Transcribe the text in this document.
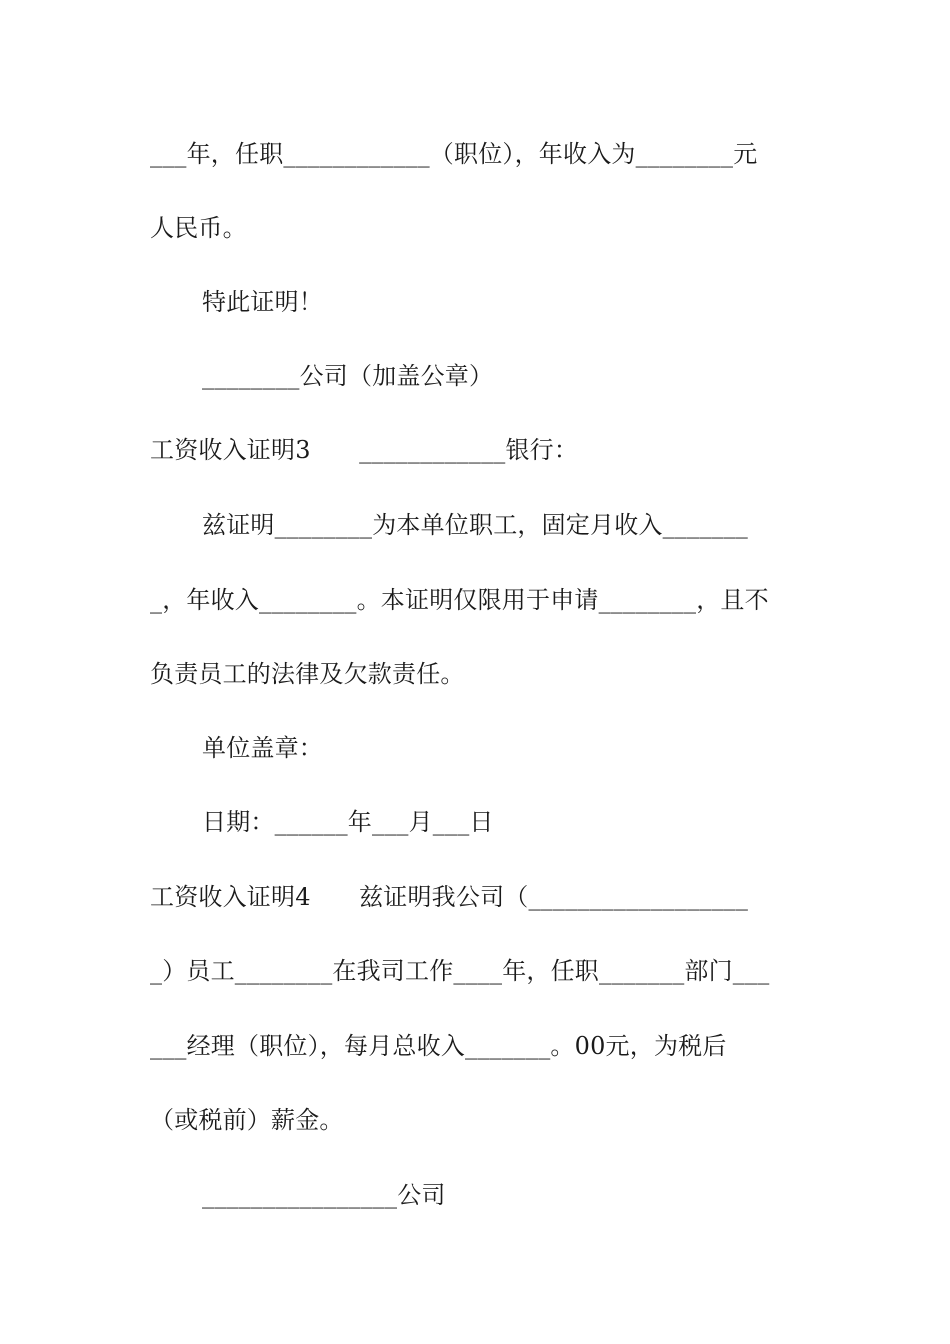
___年，任职____________（职位），年收入为________元
人民币。
特此证明！
________公司（加盖公章）
工资收入证明3　　____________银行：
兹证明________为本单位职工，固定月收入_______
_，年收入________。本证明仅限用于申请________，且不
负责员工的法律及欠款责任。
单位盖章：
日期：______年___月___日
工资收入证明4　　兹证明我公司（__________________
_）员工________在我司工作____年，任职_______部门___
___经理（职位），每月总收入_______。00元，为税后
（或税前）薪金。
________________公司
